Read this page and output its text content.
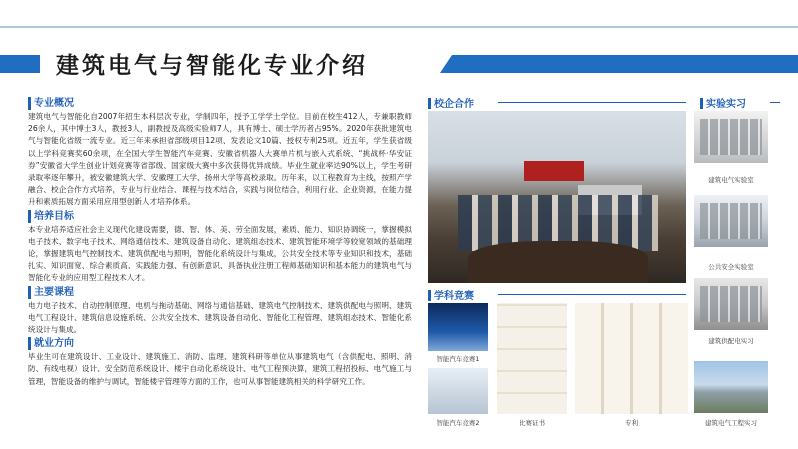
建筑电气与智能化专业介绍
专业概况

建筑电气与智能化自2007年招生本科层次专业，学制四年，授予工学学士学位。目前在校生412人，专兼职教师26余人，其中博士3人，教授3人，副教授及高级实验师7人，具有博士、硕士学历者占95%。2020年获批建筑电气与智能化省级一流专业。近三年来承担省部级项目12项、发表论文10篇、授权专利25项。近五年，学生获省级以上学科竞赛奖60余项，在全国大学生智能汽车竞赛、安徽省机器人大赛单片机与嵌入式系统、“挑战杯·华安证券”安徽省大学生创业计划竞赛等省部级、国家级大赛中多次获得优异成绩。毕业生就业率达90%以上，学生考研录取率逐年攀升，被安徽建筑大学、安徽理工大学、扬州大学等高校录取。历年来，以工程教育为主线，按照产学融合、校企合作方式培养，专业与行业结合、课程与技术结合，实践与岗位结合，利用行业、企业资源，在能力提升和素质拓展方面采用应用型创新人才培养体系。

培养目标

本专业培养适应社会主义现代化建设需要，德、智、体、美、劳全面发展，素质、能力、知识协调统一，掌握模拟电子技术、数字电子技术、网络通信技术、建筑设备自动化、建筑组态技术、建筑智能环境学等较宽领域的基础理论，掌握建筑电气控制技术、建筑供配电与照明，智能化系统设计与集成，公共安全技术等专业知识和技术，基础扎实、知识面宽、综合素质高、实践能力强、有创新意识、具备执业注册工程师基础知识和基本能力的建筑电气与智能化专业的应用型工程技术人才。

主要课程

电力电子技术、自动控制原理、电机与拖动基础、网络与通信基础、建筑电气控制技术、建筑供配电与照明、建筑电气工程设计、建筑信息设施系统、公共安全技术、建筑设备自动化、智能化工程管理、建筑组态技术、智能化系统设计与集成。

就业方向

毕业生可在建筑设计、工业设计、建筑施工、消防、监理、建筑科研等单位从事建筑电气（含供配电、照明、消防、有线电视）设计、安全防范系统设计、楼宇自动化系统设计、电气工程预决算，建筑工程招投标、电气施工与管理，智能设备的维护与调试，智能楼宇管理等方面的工作，也可从事智能建筑相关的科学研究工作。

校企合作
学科竞赛
智能汽车竞赛1
智能汽车竞赛2	比赛证书	专利
实验实习
建筑电气实验室
公共安全实验室
建筑供配电实习
建筑电气工程实习
